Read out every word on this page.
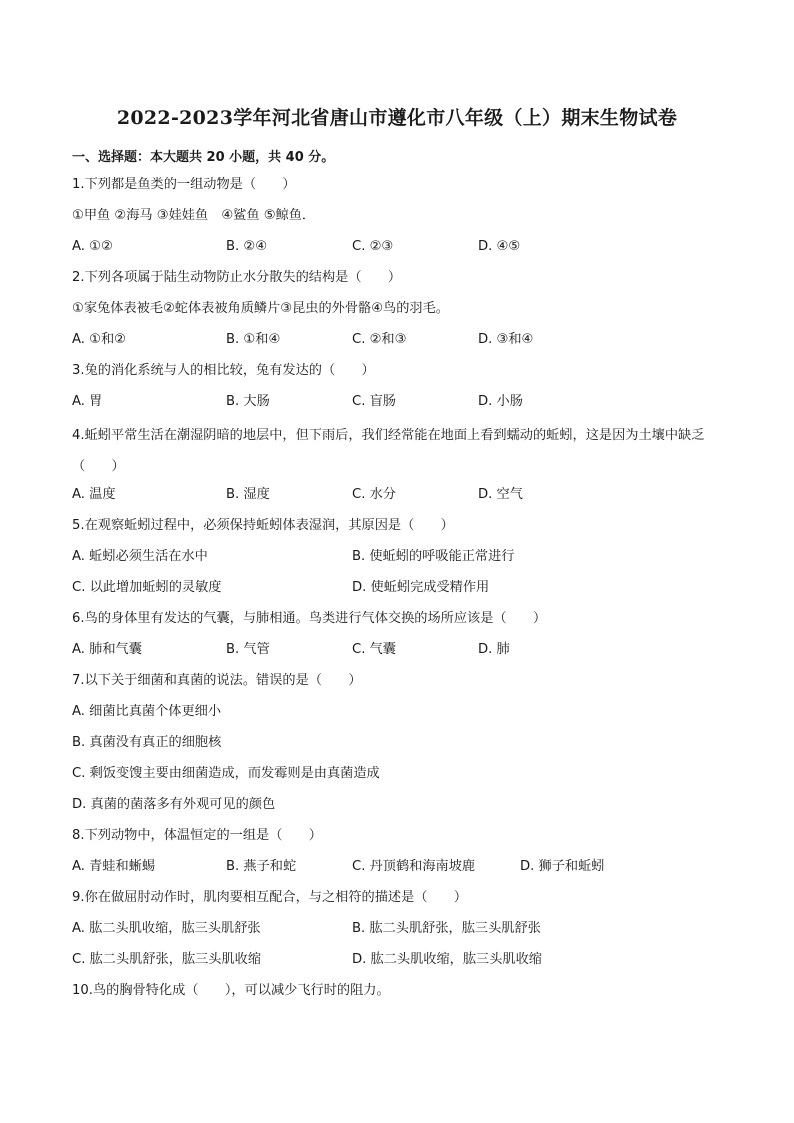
2022-2023学年河北省唐山市遵化市八年级（上）期末生物试卷
一、选择题：本大题共 20 小题，共 40 分。
1.下列都是鱼类的一组动物是（　　）
①甲鱼 ②海马 ③娃娃鱼　④鲨鱼 ⑤鲸鱼．
A. ①②	B. ②④	C. ②③	D. ④⑤
2.下列各项属于陆生动物防止水分散失的结构是（　　）
①家兔体表被毛②蛇体表被角质鳞片③昆虫的外骨骼④鸟的羽毛。
A. ①和②	B. ①和④	C. ②和③	D. ③和④
3.兔的消化系统与人的相比较，兔有发达的（　　）
A. 胃	B. 大肠	C. 盲肠	D. 小肠
4.蚯蚓平常生活在潮湿阴暗的地层中，但下雨后，我们经常能在地面上看到蠕动的蚯蚓，这是因为土壤中缺乏（　　）
A. 温度	B. 湿度	C. 水分	D. 空气
5.在观察蚯蚓过程中，必须保持蚯蚓体表湿润，其原因是（　　）
A. 蚯蚓必须生活在水中	B. 使蚯蚓的呼吸能正常进行
C. 以此增加蚯蚓的灵敏度	D. 使蚯蚓完成受精作用
6.鸟的身体里有发达的气囊，与肺相通。鸟类进行气体交换的场所应该是（　　）
A. 肺和气囊	B. 气管	C. 气囊	D. 肺
7.以下关于细菌和真菌的说法。错误的是（　　）
A. 细菌比真菌个体更细小
B. 真菌没有真正的细胞核
C. 剩饭变馊主要由细菌造成，而发霉则是由真菌造成
D. 真菌的菌落多有外观可见的颜色
8.下列动物中，体温恒定的一组是（　　）
A. 青蛙和蜥蜴	B. 燕子和蛇	C. 丹顶鹤和海南坡鹿	D. 狮子和蚯蚓
9.你在做屈肘动作时，肌肉要相互配合，与之相符的描述是（　　）
A. 肱二头肌收缩，肱三头肌舒张	B. 肱二头肌舒张，肱三头肌舒张
C. 肱二头肌舒张，肱三头肌收缩	D. 肱二头肌收缩，肱三头肌收缩
10.鸟的胸骨特化成（　　），可以减少飞行时的阻力。
